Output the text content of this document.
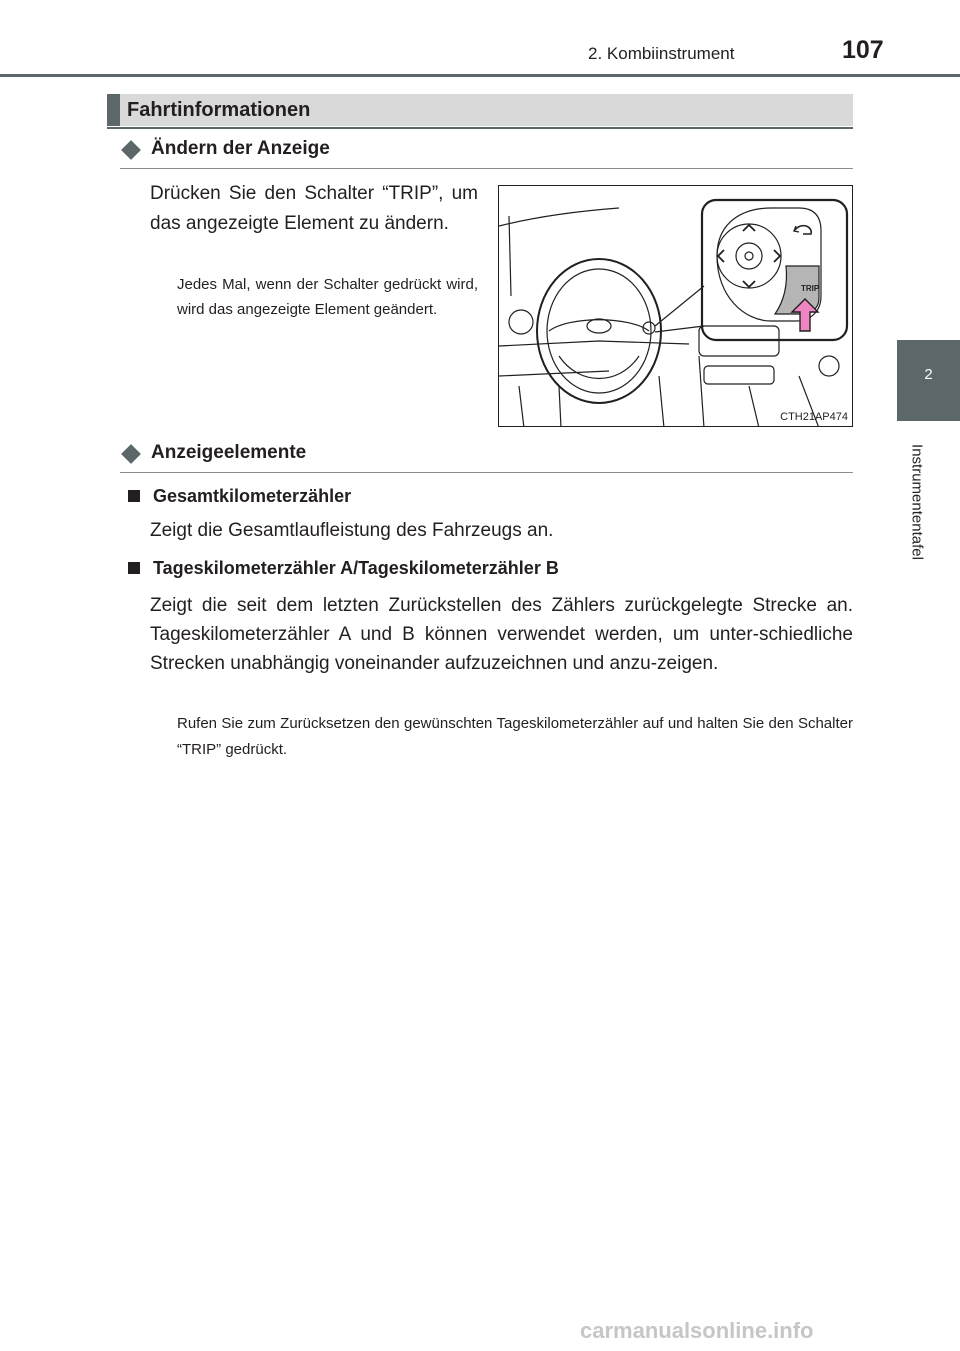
2. Kombiinstrument	107
2
Instrumententafel
Fahrtinformationen
Ändern der Anzeige
Drücken Sie den Schalter “TRIP”, um das angezeigte Element zu ändern.
Jedes Mal, wenn der Schalter gedrückt wird, wird das angezeigte Element geändert.
TRIP
CTH21AP474
Anzeigeelemente
Gesamtkilometerzähler
Zeigt die Gesamtlaufleistung des Fahrzeugs an.
Tageskilometerzähler A/Tageskilometerzähler B
Zeigt die seit dem letzten Zurückstellen des Zählers zurückgelegte Strecke an. Tageskilometerzähler A und B können verwendet werden, um unter-schiedliche Strecken unabhängig voneinander aufzuzeichnen und anzu-zeigen.
Rufen Sie zum Zurücksetzen den gewünschten Tageskilometerzähler auf und halten Sie den Schalter “TRIP” gedrückt.
carmanualsonline.info
